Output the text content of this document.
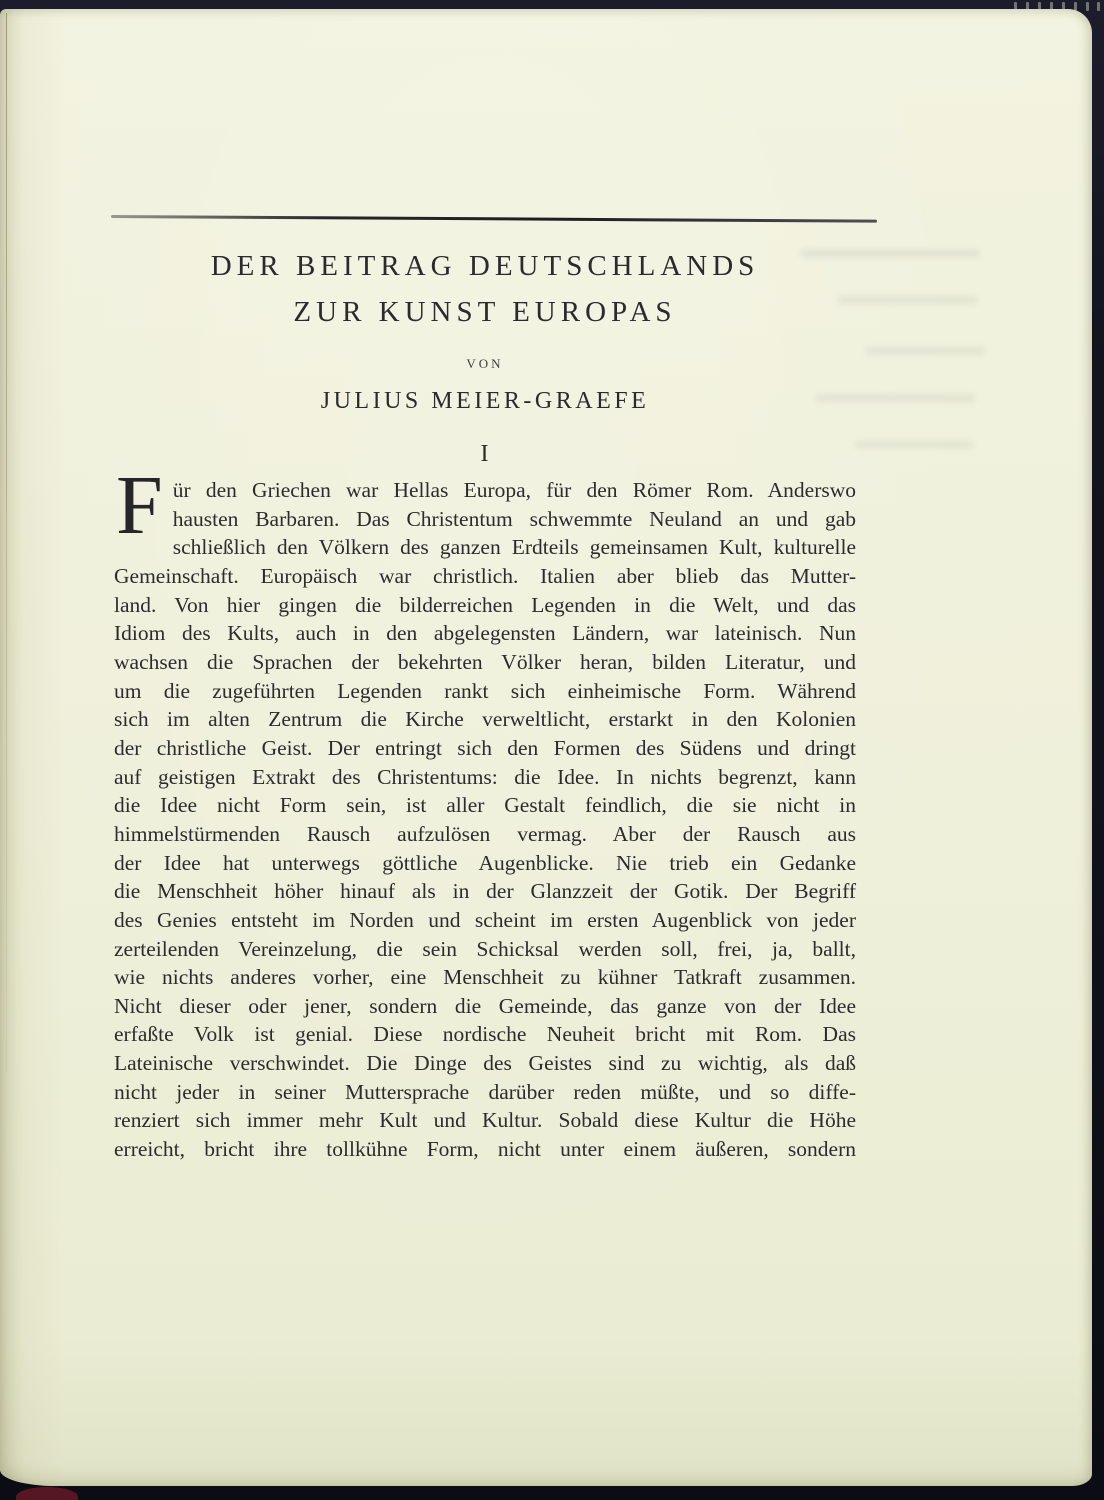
DER BEITRAG DEUTSCHLANDS
ZUR KUNST EUROPAS
VON
JULIUS MEIER-GRAEFE
I
F ür den Griechen war Hellas Europa, für den Römer Rom. Anderswo
hausten Barbaren. Das Christentum schwemmte Neuland an und gab
schließlich den Völkern des ganzen Erdteils gemeinsamen Kult, kulturelle
Gemeinschaft. Europäisch war christlich. Italien aber blieb das Mutter-
land. Von hier gingen die bilderreichen Legenden in die Welt, und das
Idiom des Kults, auch in den abgelegensten Ländern, war lateinisch. Nun
wachsen die Sprachen der bekehrten Völker heran, bilden Literatur, und
um die zugeführten Legenden rankt sich einheimische Form. Während
sich im alten Zentrum die Kirche verweltlicht, erstarkt in den Kolonien
der christliche Geist. Der entringt sich den Formen des Südens und dringt
auf geistigen Extrakt des Christentums: die Idee. In nichts begrenzt, kann
die Idee nicht Form sein, ist aller Gestalt feindlich, die sie nicht in
himmelstürmenden Rausch aufzulösen vermag. Aber der Rausch aus
der Idee hat unterwegs göttliche Augenblicke. Nie trieb ein Gedanke
die Menschheit höher hinauf als in der Glanzzeit der Gotik. Der Begriff
des Genies entsteht im Norden und scheint im ersten Augenblick von jeder
zerteilenden Vereinzelung, die sein Schicksal werden soll, frei, ja, ballt,
wie nichts anderes vorher, eine Menschheit zu kühner Tatkraft zusammen.
Nicht dieser oder jener, sondern die Gemeinde, das ganze von der Idee
erfaßte Volk ist genial. Diese nordische Neuheit bricht mit Rom. Das
Lateinische verschwindet. Die Dinge des Geistes sind zu wichtig, als daß
nicht jeder in seiner Muttersprache darüber reden müßte, und so diffe-
renziert sich immer mehr Kult und Kultur. Sobald diese Kultur die Höhe
erreicht, bricht ihre tollkühne Form, nicht unter einem äußeren, sondern
